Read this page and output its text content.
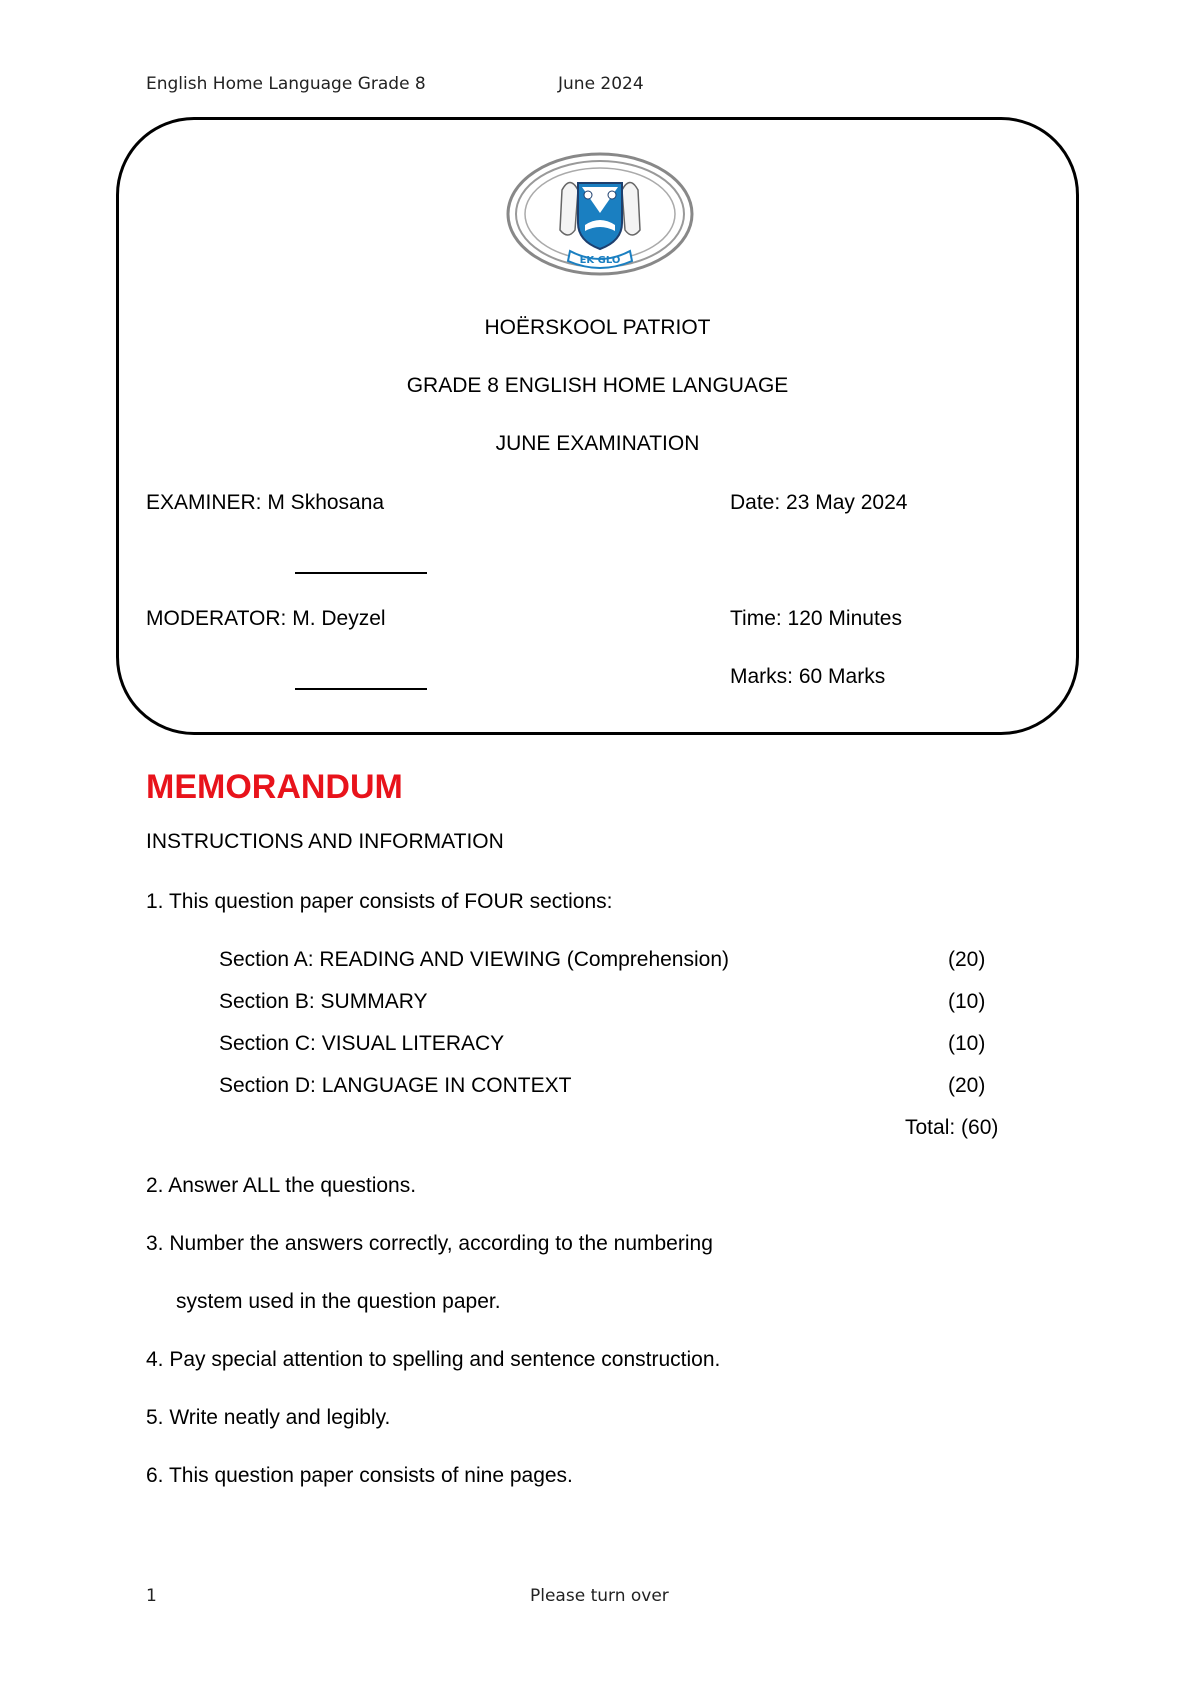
English Home Language Grade 8	June 2024
EK GLO
HOËRSKOOL PATRIOT
GRADE 8 ENGLISH HOME LANGUAGE
JUNE EXAMINATION
EXAMINER: M Skhosana	Date: 23 May 2024
MODERATOR: M. Deyzel	Time: 120 Minutes
Marks: 60 Marks
MEMORANDUM
INSTRUCTIONS AND INFORMATION
1. This question paper consists of FOUR sections:
Section A: READING AND VIEWING (Comprehension)	(20)
Section B: SUMMARY	(10)
Section C: VISUAL LITERACY	(10)
Section D: LANGUAGE IN CONTEXT	(20)
Total: (60)
2. Answer ALL the questions.
3. Number the answers correctly, according to the numbering
system used in the question paper.
4. Pay special attention to spelling and sentence construction.
5. Write neatly and legibly.
6. This question paper consists of nine pages.
1	Please turn over
